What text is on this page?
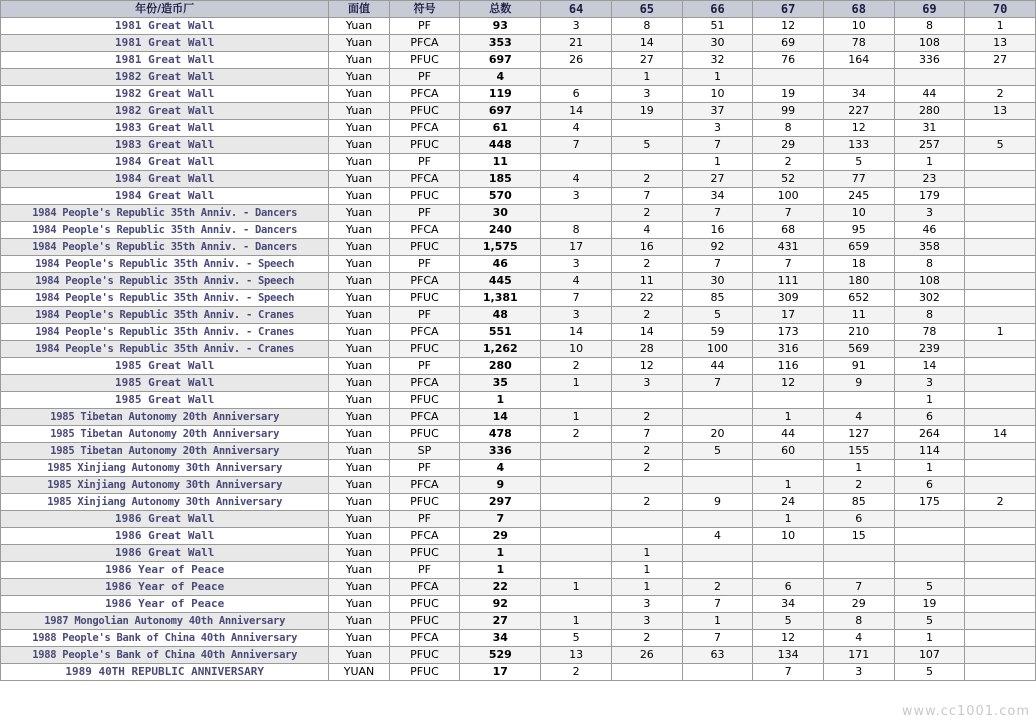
年份/造币厂	面值	符号	总数	64	65	66	67	68	69	70
1981 Great Wall	Yuan	PF	93	3	8	51	12	10	8	1
1981 Great Wall	Yuan	PFCA	353	21	14	30	69	78	108	13
1981 Great Wall	Yuan	PFUC	697	26	27	32	76	164	336	27
1982 Great Wall	Yuan	PF	4		1	1				
1982 Great Wall	Yuan	PFCA	119	6	3	10	19	34	44	2
1982 Great Wall	Yuan	PFUC	697	14	19	37	99	227	280	13
1983 Great Wall	Yuan	PFCA	61	4		3	8	12	31	
1983 Great Wall	Yuan	PFUC	448	7	5	7	29	133	257	5
1984 Great Wall	Yuan	PF	11			1	2	5	1	
1984 Great Wall	Yuan	PFCA	185	4	2	27	52	77	23	
1984 Great Wall	Yuan	PFUC	570	3	7	34	100	245	179	
1984 People's Republic 35th Anniv. - Dancers	Yuan	PF	30		2	7	7	10	3	
1984 People's Republic 35th Anniv. - Dancers	Yuan	PFCA	240	8	4	16	68	95	46	
1984 People's Republic 35th Anniv. - Dancers	Yuan	PFUC	1,575	17	16	92	431	659	358	
1984 People's Republic 35th Anniv. - Speech	Yuan	PF	46	3	2	7	7	18	8	
1984 People's Republic 35th Anniv. - Speech	Yuan	PFCA	445	4	11	30	111	180	108	
1984 People's Republic 35th Anniv. - Speech	Yuan	PFUC	1,381	7	22	85	309	652	302	
1984 People's Republic 35th Anniv. - Cranes	Yuan	PF	48	3	2	5	17	11	8	
1984 People's Republic 35th Anniv. - Cranes	Yuan	PFCA	551	14	14	59	173	210	78	1
1984 People's Republic 35th Anniv. - Cranes	Yuan	PFUC	1,262	10	28	100	316	569	239	
1985 Great Wall	Yuan	PF	280	2	12	44	116	91	14	
1985 Great Wall	Yuan	PFCA	35	1	3	7	12	9	3	
1985 Great Wall	Yuan	PFUC	1						1	
1985 Tibetan Autonomy 20th Anniversary	Yuan	PFCA	14	1	2		1	4	6	
1985 Tibetan Autonomy 20th Anniversary	Yuan	PFUC	478	2	7	20	44	127	264	14
1985 Tibetan Autonomy 20th Anniversary	Yuan	SP	336		2	5	60	155	114	
1985 Xinjiang Autonomy 30th Anniversary	Yuan	PF	4		2			1	1	
1985 Xinjiang Autonomy 30th Anniversary	Yuan	PFCA	9				1	2	6	
1985 Xinjiang Autonomy 30th Anniversary	Yuan	PFUC	297		2	9	24	85	175	2
1986 Great Wall	Yuan	PF	7				1	6		
1986 Great Wall	Yuan	PFCA	29			4	10	15		
1986 Great Wall	Yuan	PFUC	1		1					
1986 Year of Peace	Yuan	PF	1		1					
1986 Year of Peace	Yuan	PFCA	22	1	1	2	6	7	5	
1986 Year of Peace	Yuan	PFUC	92		3	7	34	29	19	
1987 Mongolian Autonomy 40th Anniversary	Yuan	PFUC	27	1	3	1	5	8	5	
1988 People's Bank of China 40th Anniversary	Yuan	PFCA	34	5	2	7	12	4	1	
1988 People's Bank of China 40th Anniversary	Yuan	PFUC	529	13	26	63	134	171	107	
1989 40TH REPUBLIC ANNIVERSARY	YUAN	PFUC	17	2			7	3	5	
www.cc1001.com
